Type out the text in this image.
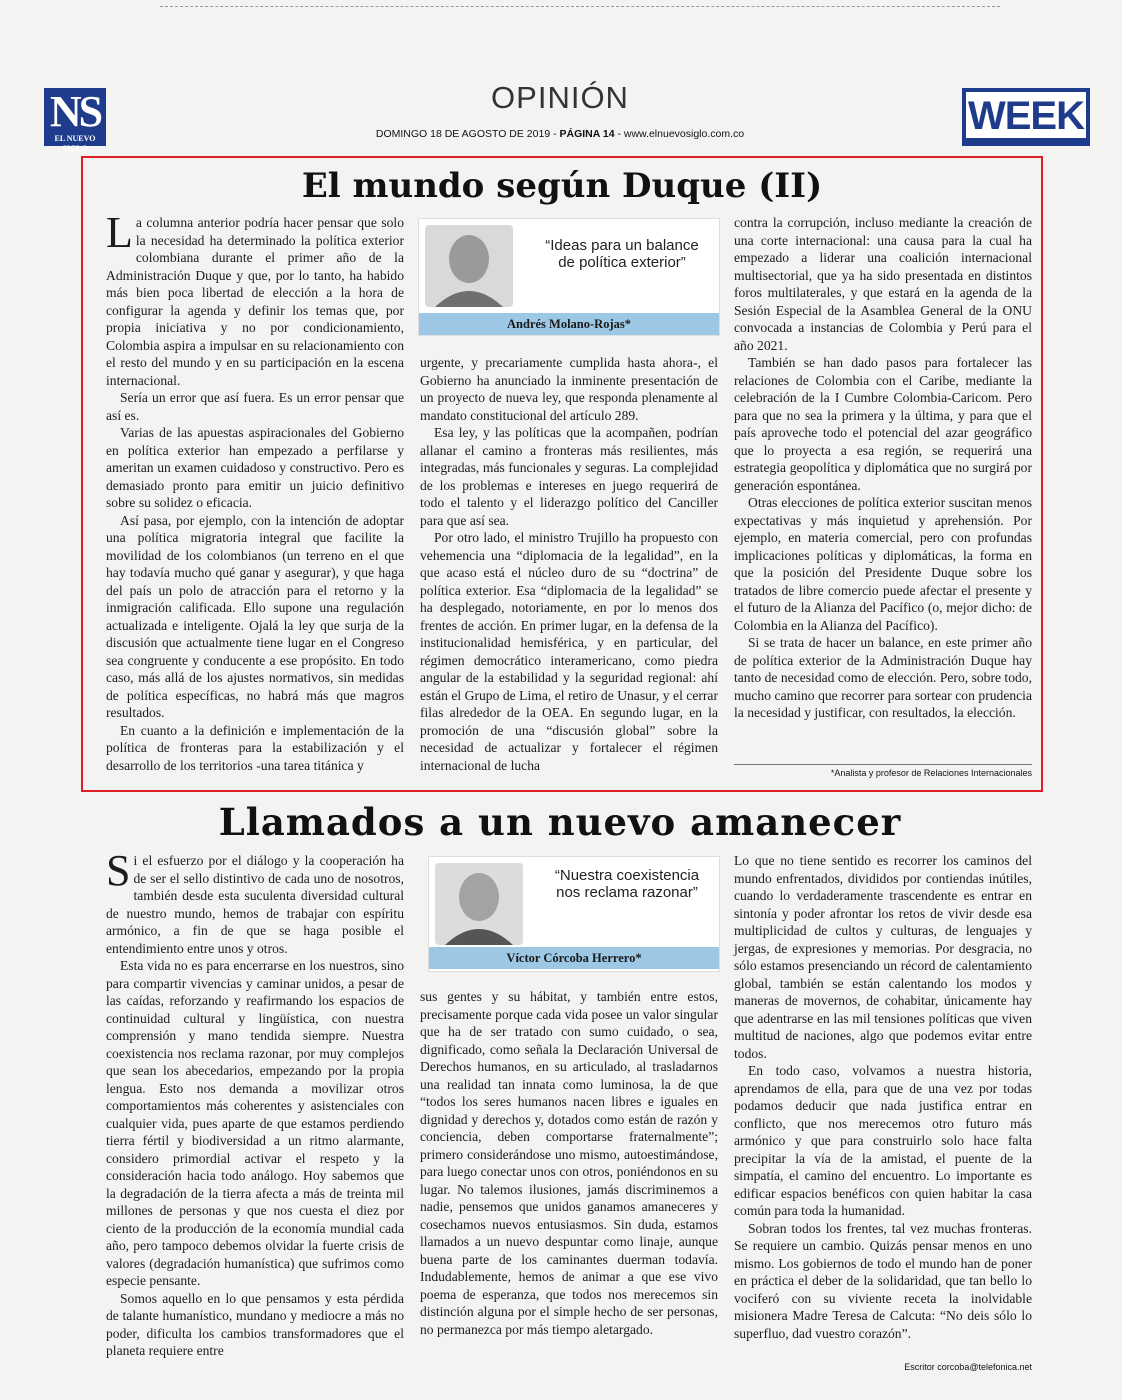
NS
EL NUEVO SIGLO
OPINIÓN
DOMINGO 18 DE AGOSTO DE 2019 - PÁGINA 14 - www.elnuevosiglo.com.co	WEEK
El mundo según Duque (II)

La columna anterior podría hacer pensar que solo la necesidad ha determinado la política exterior colombiana durante el primer año de la Administración Duque y que, por lo tanto, ha habido más bien poca libertad de elección a la hora de configurar la agenda y definir los temas que, por propia iniciativa y no por condicionamiento, Colombia aspira a impulsar en su relacionamiento con el resto del mundo y en su participación en la escena internacional.

Sería un error que así fuera. Es un error pensar que así es.

Varias de las apuestas aspiracionales del Gobierno en política exterior han empezado a perfilarse y ameritan un examen cuidadoso y constructivo. Pero es demasiado pronto para emitir un juicio definitivo sobre su solidez o eficacia.

Así pasa, por ejemplo, con la intención de adoptar una política migratoria integral que facilite la movilidad de los colombianos (un terreno en el que hay todavía mucho qué ganar y asegurar), y que haga del país un polo de atracción para el retorno y la inmigración calificada. Ello supone una regulación actualizada e inteligente. Ojalá la ley que surja de la discusión que actualmente tiene lugar en el Congreso sea congruente y conducente a ese propósito. En todo caso, más allá de los ajustes normativos, sin medidas de política específicas, no habrá más que magros resultados.

En cuanto a la definición e implementación de la política de fronteras para la estabilización y el desarrollo de los territorios -una tarea titánica y

“Ideas para un balance de política exterior”
Andrés Molano-Rojas*

urgente, y precariamente cumplida hasta ahora-, el Gobierno ha anunciado la inminente presentación de un proyecto de nueva ley, que responda plenamente al mandato constitucional del artículo 289.

Esa ley, y las políticas que la acompañen, podrían allanar el camino a fronteras más resilientes, más integradas, más funcionales y seguras. La complejidad de los problemas e intereses en juego requerirá de todo el talento y el liderazgo político del Canciller para que así sea.

Por otro lado, el ministro Trujillo ha propuesto con vehemencia una “diplomacia de la legalidad”, en la que acaso está el núcleo duro de su “doctrina” de política exterior. Esa “diplomacia de la legalidad” se ha desplegado, notoriamente, en por lo menos dos frentes de acción. En primer lugar, en la defensa de la institucionalidad hemisférica, y en particular, del régimen democrático interamericano, como piedra angular de la estabilidad y la seguridad regional: ahí están el Grupo de Lima, el retiro de Unasur, y el cerrar filas alrededor de la OEA. En segundo lugar, en la promoción de una “discusión global” sobre la necesidad de actualizar y fortalecer el régimen internacional de lucha

contra la corrupción, incluso mediante la creación de una corte internacional: una causa para la cual ha empezado a liderar una coalición internacional multisectorial, que ya ha sido presentada en distintos foros multilaterales, y que estará en la agenda de la Sesión Especial de la Asamblea General de la ONU convocada a instancias de Colombia y Perú para el año 2021.

También se han dado pasos para fortalecer las relaciones de Colombia con el Caribe, mediante la celebración de la I Cumbre Colombia-Caricom. Pero para que no sea la primera y la última, y para que el país aproveche todo el potencial del azar geográfico que lo proyecta a esa región, se requerirá una estrategia geopolítica y diplomática que no surgirá por generación espontánea.

Otras elecciones de política exterior suscitan menos expectativas y más inquietud y aprehensión. Por ejemplo, en materia comercial, pero con profundas implicaciones políticas y diplomáticas, la forma en que la posición del Presidente Duque sobre los tratados de libre comercio puede afectar el presente y el futuro de la Alianza del Pacífico (o, mejor dicho: de Colombia en la Alianza del Pacífico).

Si se trata de hacer un balance, en este primer año de política exterior de la Administración Duque hay tanto de necesidad como de elección. Pero, sobre todo, mucho camino que recorrer para sortear con prudencia la necesidad y justificar, con resultados, la elección.

*Analista y profesor de Relaciones Internacionales
Llamados a un nuevo amanecer

Si el esfuerzo por el diálogo y la cooperación ha de ser el sello distintivo de cada uno de nosotros, también desde esta suculenta diversidad cultural de nuestro mundo, hemos de trabajar con espíritu armónico, a fin de que se haga posible el entendimiento entre unos y otros.

Esta vida no es para encerrarse en los nuestros, sino para compartir vivencias y caminar unidos, a pesar de las caídas, reforzando y reafirmando los espacios de continuidad cultural y lingüística, con nuestra comprensión y mano tendida siempre. Nuestra coexistencia nos reclama razonar, por muy complejos que sean los abecedarios, empezando por la propia lengua. Esto nos demanda a movilizar otros comportamientos más coherentes y asistenciales con cualquier vida, pues aparte de que estamos perdiendo tierra fértil y biodiversidad a un ritmo alarmante, considero primordial activar el respeto y la consideración hacia todo análogo. Hoy sabemos que la degradación de la tierra afecta a más de treinta mil millones de personas y que nos cuesta el diez por ciento de la producción de la economía mundial cada año, pero tampoco debemos olvidar la fuerte crisis de valores (degradación humanística) que sufrimos como especie pensante.

Somos aquello en lo que pensamos y esta pérdida de talante humanístico, mundano y mediocre a más no poder, dificulta los cambios transformadores que el planeta requiere entre

“Nuestra coexistencia nos reclama razonar”
Víctor Córcoba Herrero*

sus gentes y su hábitat, y también entre estos, precisamente porque cada vida posee un valor singular que ha de ser tratado con sumo cuidado, o sea, dignificado, como señala la Declaración Universal de Derechos humanos, en su articulado, al trasladarnos una realidad tan innata como luminosa, la de que “todos los seres humanos nacen libres e iguales en dignidad y derechos y, dotados como están de razón y conciencia, deben comportarse fraternalmente”; primero considerándose uno mismo, autoestimándose, para luego conectar unos con otros, poniéndonos en su lugar. No talemos ilusiones, jamás discriminemos a nadie, pensemos que unidos ganamos amaneceres y cosechamos nuevos entusiasmos. Sin duda, estamos llamados a un nuevo despuntar como linaje, aunque buena parte de los caminantes duerman todavía. Indudablemente, hemos de animar a que ese vivo poema de esperanza, que todos nos merecemos sin distinción alguna por el simple hecho de ser personas, no permanezca por más tiempo aletargado.

Lo que no tiene sentido es recorrer los caminos del mundo enfrentados, divididos por contiendas inútiles, cuando lo verdaderamente trascendente es entrar en sintonía y poder afrontar los retos de vivir desde esa multiplicidad de cultos y culturas, de lenguajes y jergas, de expresiones y memorias. Por desgracia, no sólo estamos presenciando un récord de calentamiento global, también se están calentando los modos y maneras de movernos, de cohabitar, únicamente hay que adentrarse en las mil tensiones políticas que viven multitud de naciones, algo que podemos evitar entre todos.

En todo caso, volvamos a nuestra historia, aprendamos de ella, para que de una vez por todas podamos deducir que nada justifica entrar en conflicto, que nos merecemos otro futuro más armónico y que para construirlo solo hace falta precipitar la vía de la amistad, el puente de la simpatía, el camino del encuentro. Lo importante es edificar espacios benéficos con quien habitar la casa común para toda la humanidad.

Sobran todos los frentes, tal vez muchas fronteras. Se requiere un cambio. Quizás pensar menos en uno mismo. Los gobiernos de todo el mundo han de poner en práctica el deber de la solidaridad, que tan bello lo vociferó con su viviente receta la inolvidable misionera Madre Teresa de Calcuta: “No deis sólo lo superfluo, dad vuestro corazón”.

Escritor corcoba@telefonica.net
